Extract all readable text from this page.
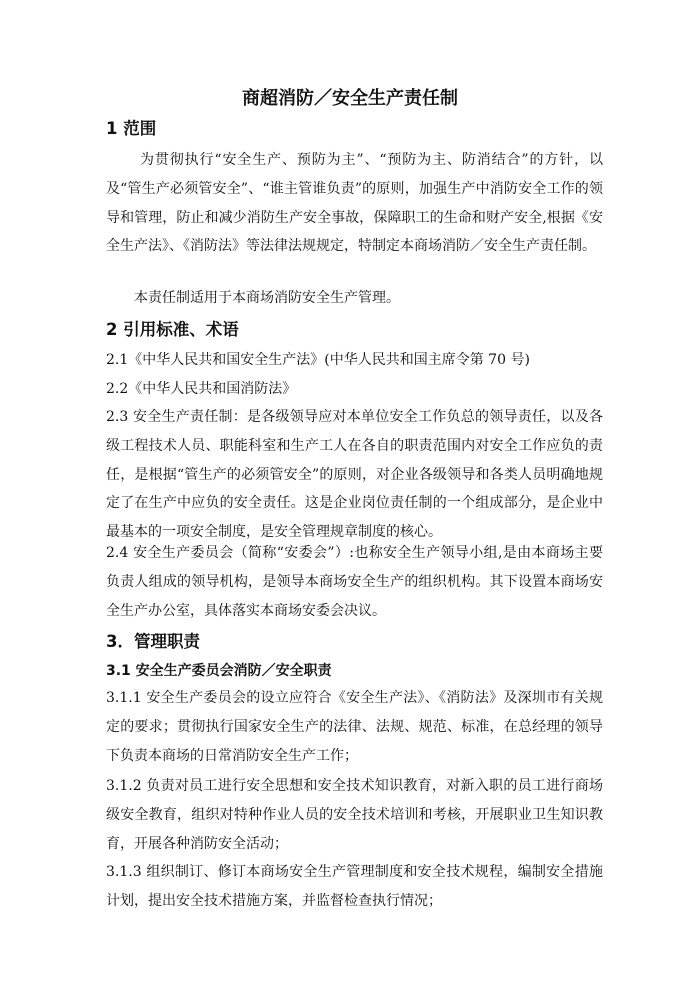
商超消防／安全生产责任制
1 范围

为贯彻执行“安全生产、预防为主”、“预防为主、防消结合”的方针，以及“管生产必须管安全”、“谁主管谁负责”的原则，加强生产中消防安全工作的领导和管理，防止和减少消防生产安全事故，保障职工的生命和财产安全,根据《安全生产法》、《消防法》等法律法规规定，特制定本商场消防／安全生产责任制。

本责任制适用于本商场消防安全生产管理。

2 引用标准、术语

2.1《中华人民共和国安全生产法》(中华人民共和国主席令第 70 号)

2.2《中华人民共和国消防法》

2.3 安全生产责任制：是各级领导应对本单位安全工作负总的领导责任，以及各级工程技术人员、职能科室和生产工人在各自的职责范围内对安全工作应负的责任，是根据“管生产的必须管安全”的原则，对企业各级领导和各类人员明确地规定了在生产中应负的安全责任。这是企业岗位责任制的一个组成部分，是企业中最基本的一项安全制度，是安全管理规章制度的核心。

2.4 安全生产委员会（简称“安委会”）:也称安全生产领导小组,是由本商场主要负责人组成的领导机构，是领导本商场安全生产的组织机构。其下设置本商场安全生产办公室，具体落实本商场安委会决议。

3．管理职责
3.1 安全生产委员会消防／安全职责

3.1.1 安全生产委员会的设立应符合《安全生产法》、《消防法》及深圳市有关规定的要求；贯彻执行国家安全生产的法律、法规、规范、标准，在总经理的领导下负责本商场的日常消防安全生产工作；

3.1.2 负责对员工进行安全思想和安全技术知识教育，对新入职的员工进行商场级安全教育，组织对特种作业人员的安全技术培训和考核，开展职业卫生知识教育，开展各种消防安全活动；

3.1.3 组织制订、修订本商场安全生产管理制度和安全技术规程，编制安全措施计划，提出安全技术措施方案，并监督检查执行情况；
